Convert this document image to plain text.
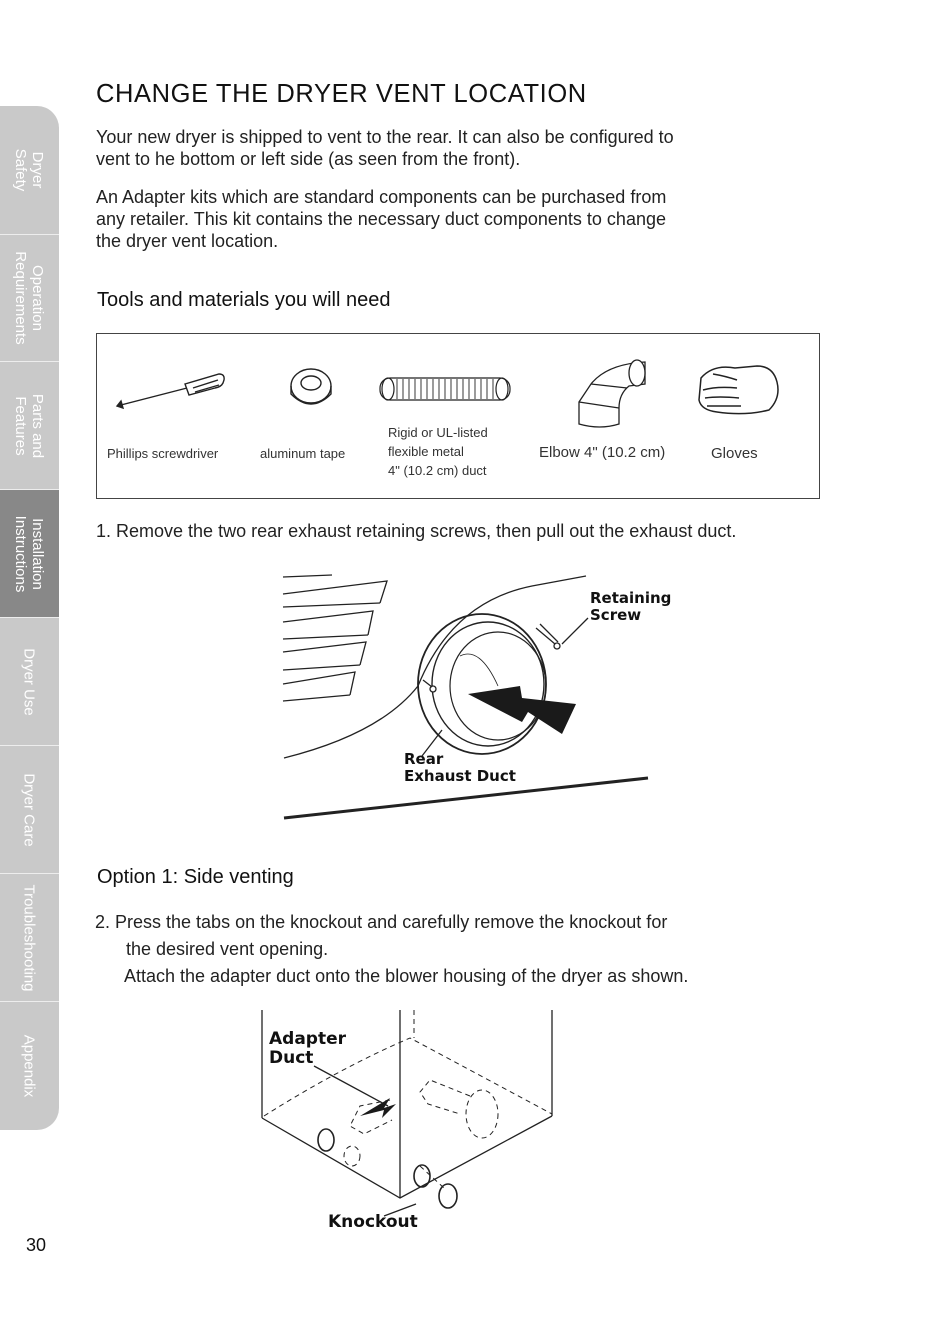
Dryer
Safety
Operation
Requirements
Parts and
Features
Installation
Instructions
Dryer Use
Dryer Care
Troubleshooting
Appendix
CHANGE THE DRYER VENT LOCATION

Your new dryer is shipped to vent to the rear. It can also be configured to
vent to he bottom or left side (as seen from the front).

An Adapter kits which are standard components can be purchased from
any retailer. This kit contains the necessary duct components to change
the dryer vent location.

Tools and materials you will need
Phillips screwdriver	aluminum tape
Rigid or UL-listed
flexible metal
4" (10.2 cm) duct
Elbow 4" (10.2 cm)	Gloves

1. Remove the two rear exhaust retaining screws, then pull out the exhaust duct.

Retaining
Screw
Rear
Exhaust Duct
Option 1: Side venting

2. Press the tabs on the knockout and carefully remove the knockout for

the desired vent opening.

Attach the adapter duct onto the blower housing of the dryer as shown.

Adapter
Duct
Knockout
30
